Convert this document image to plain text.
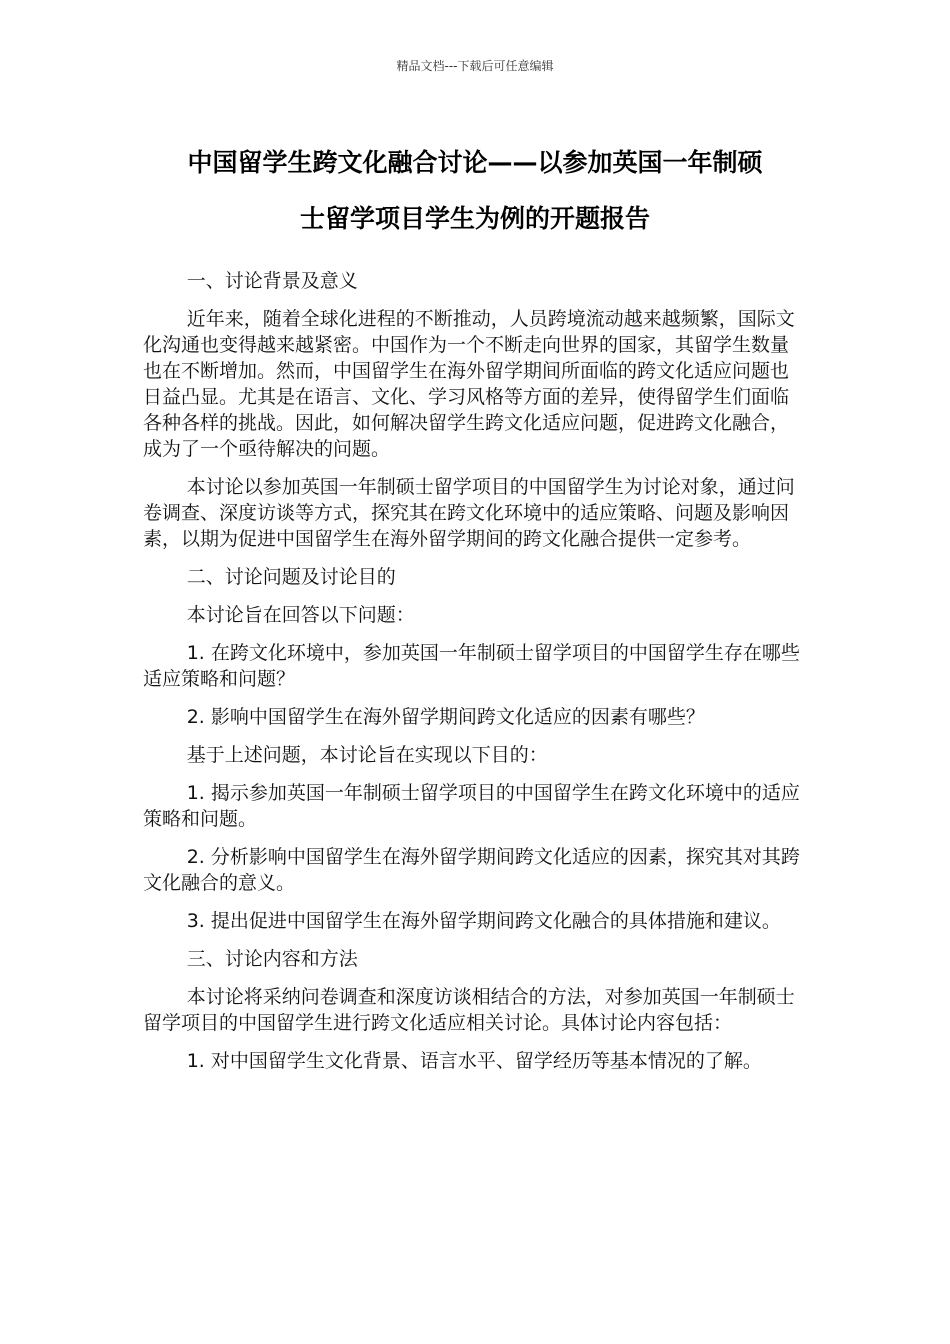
精品文档---下载后可任意编辑
中国留学生跨文化融合讨论——以参加英国一年制硕
士留学项目学生为例的开题报告

一、讨论背景及意义

近年来，随着全球化进程的不断推动，人员跨境流动越来越频繁，国际文化沟通也变得越来越紧密。中国作为一个不断走向世界的国家，其留学生数量也在不断增加。然而，中国留学生在海外留学期间所面临的跨文化适应问题也日益凸显。尤其是在语言、文化、学习风格等方面的差异，使得留学生们面临各种各样的挑战。因此，如何解决留学生跨文化适应问题，促进跨文化融合，成为了一个亟待解决的问题。

本讨论以参加英国一年制硕士留学项目的中国留学生为讨论对象，通过问卷调查、深度访谈等方式，探究其在跨文化环境中的适应策略、问题及影响因素，以期为促进中国留学生在海外留学期间的跨文化融合提供一定参考。

二、讨论问题及讨论目的

本讨论旨在回答以下问题：

1. 在跨文化环境中，参加英国一年制硕士留学项目的中国留学生存在哪些适应策略和问题？

2. 影响中国留学生在海外留学期间跨文化适应的因素有哪些？

基于上述问题，本讨论旨在实现以下目的：

1. 揭示参加英国一年制硕士留学项目的中国留学生在跨文化环境中的适应策略和问题。

2. 分析影响中国留学生在海外留学期间跨文化适应的因素，探究其对其跨文化融合的意义。

3. 提出促进中国留学生在海外留学期间跨文化融合的具体措施和建议。

三、讨论内容和方法

本讨论将采纳问卷调查和深度访谈相结合的方法，对参加英国一年制硕士留学项目的中国留学生进行跨文化适应相关讨论。具体讨论内容包括：

1. 对中国留学生文化背景、语言水平、留学经历等基本情况的了解。
